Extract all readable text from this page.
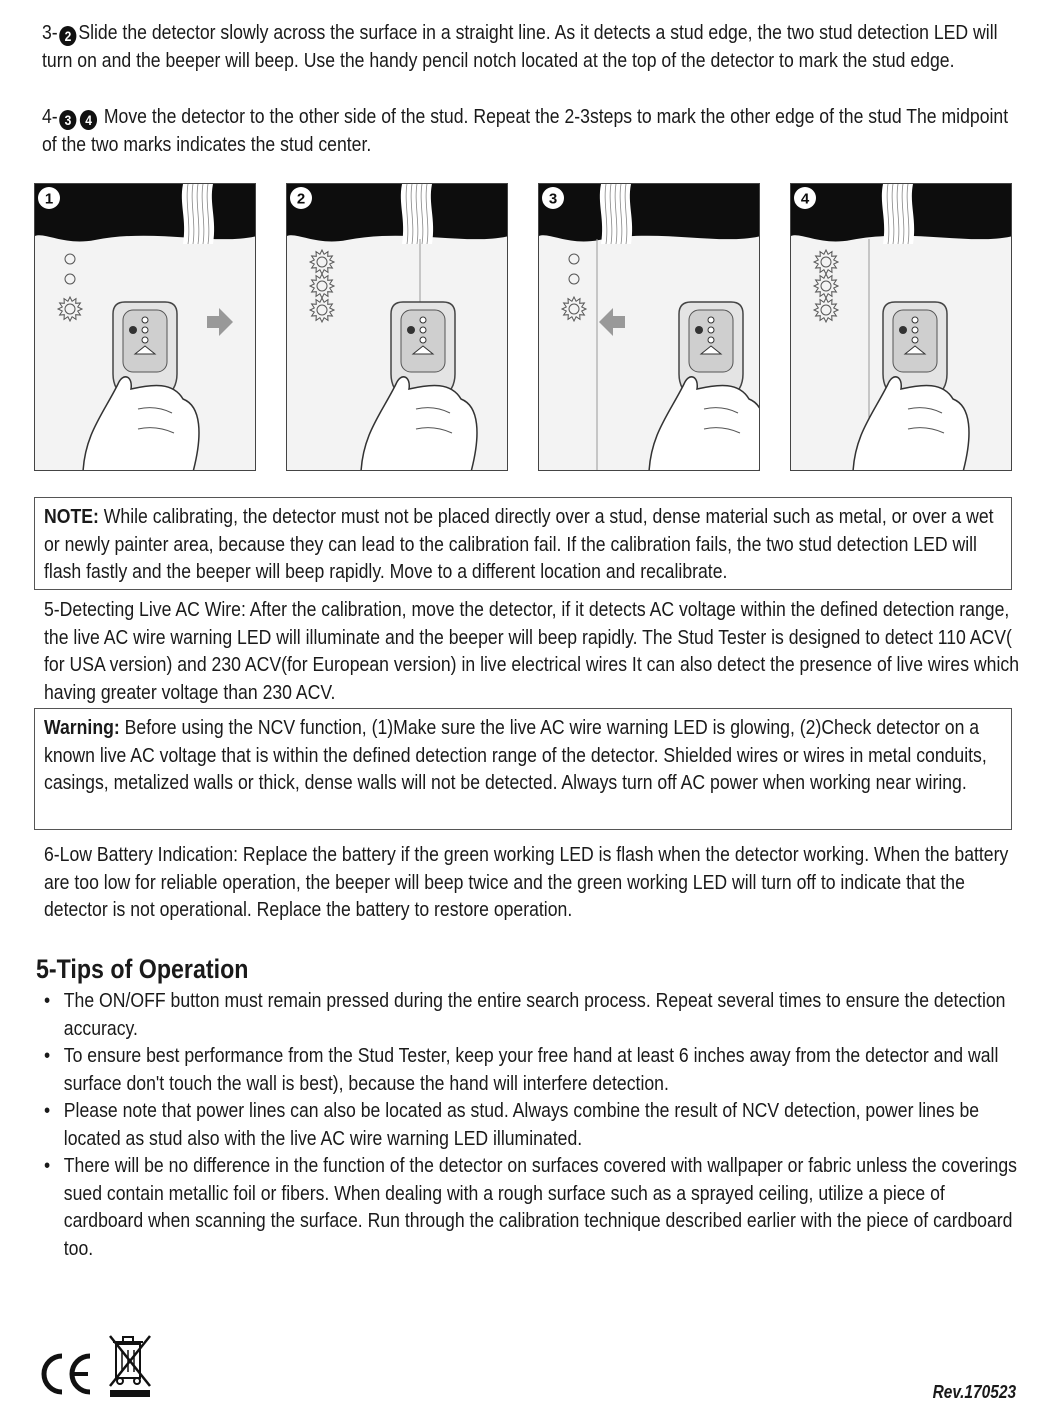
3- 2 Slide the detector slowly across the surface in a straight line. As it detects a stud edge, the two stud detection LED will turn on and the beeper will beep. Use the handy pencil notch located at the top of the detector to mark the stud edge.
4- 3 4 Move the detector to the other side of the stud. Repeat the 2-3steps to mark the other edge of the stud The midpoint of the two marks indicates the stud center.
1	2	3	4
NOTE: While calibrating, the detector must not be placed directly over a stud, dense material such as metal, or over a wet or newly painter area, because they can lead to the calibration fail. If the calibration fails, the two stud detection LED will flash fastly and the beeper will beep rapidly. Move to a different location and recalibrate.
5-Detecting Live AC Wire: After the calibration, move the detector, if it detects AC voltage within the defined detection range, the live AC wire warning LED will illuminate and the beeper will beep rapidly. The Stud Tester is designed to detect 110 ACV( for USA version) and 230 ACV(for European version) in live electrical wires It can also detect the presence of live wires which having greater voltage than 230 ACV.
Warning: Before using the NCV function, (1)Make sure the live AC wire warning LED is glowing, (2)Check detector on a known live AC voltage that is within the defined detection range of the detector. Shielded wires or wires in metal conduits, casings, metalized walls or thick, dense walls will not be detected. Always turn off AC power when working near wiring.
6-Low Battery Indication: Replace the battery if the green working LED is flash when the detector working. When the battery are too low for reliable operation, the beeper will beep twice and the green working LED will turn off to indicate that the detector is not operational. Replace the battery to restore operation.
5-Tips of Operation
• The ON/OFF button must remain pressed during the entire search process. Repeat several times to ensure the detection accuracy.
• To ensure best performance from the Stud Tester, keep your free hand at least 6 inches away from the detector and wall surface don't touch the wall is best), because the hand will interfere detection.
• Please note that power lines can also be located as stud. Always combine the result of NCV detection, power lines be located as stud also with the live AC wire warning LED illuminated.
• There will be no difference in the function of the detector on surfaces covered with wallpaper or fabric unless the coverings sued contain metallic foil or fibers. When dealing with a rough surface such as a sprayed ceiling, utilize a piece of cardboard when scanning the surface. Run through the calibration technique described earlier with the piece of cardboard too.
Rev.170523
